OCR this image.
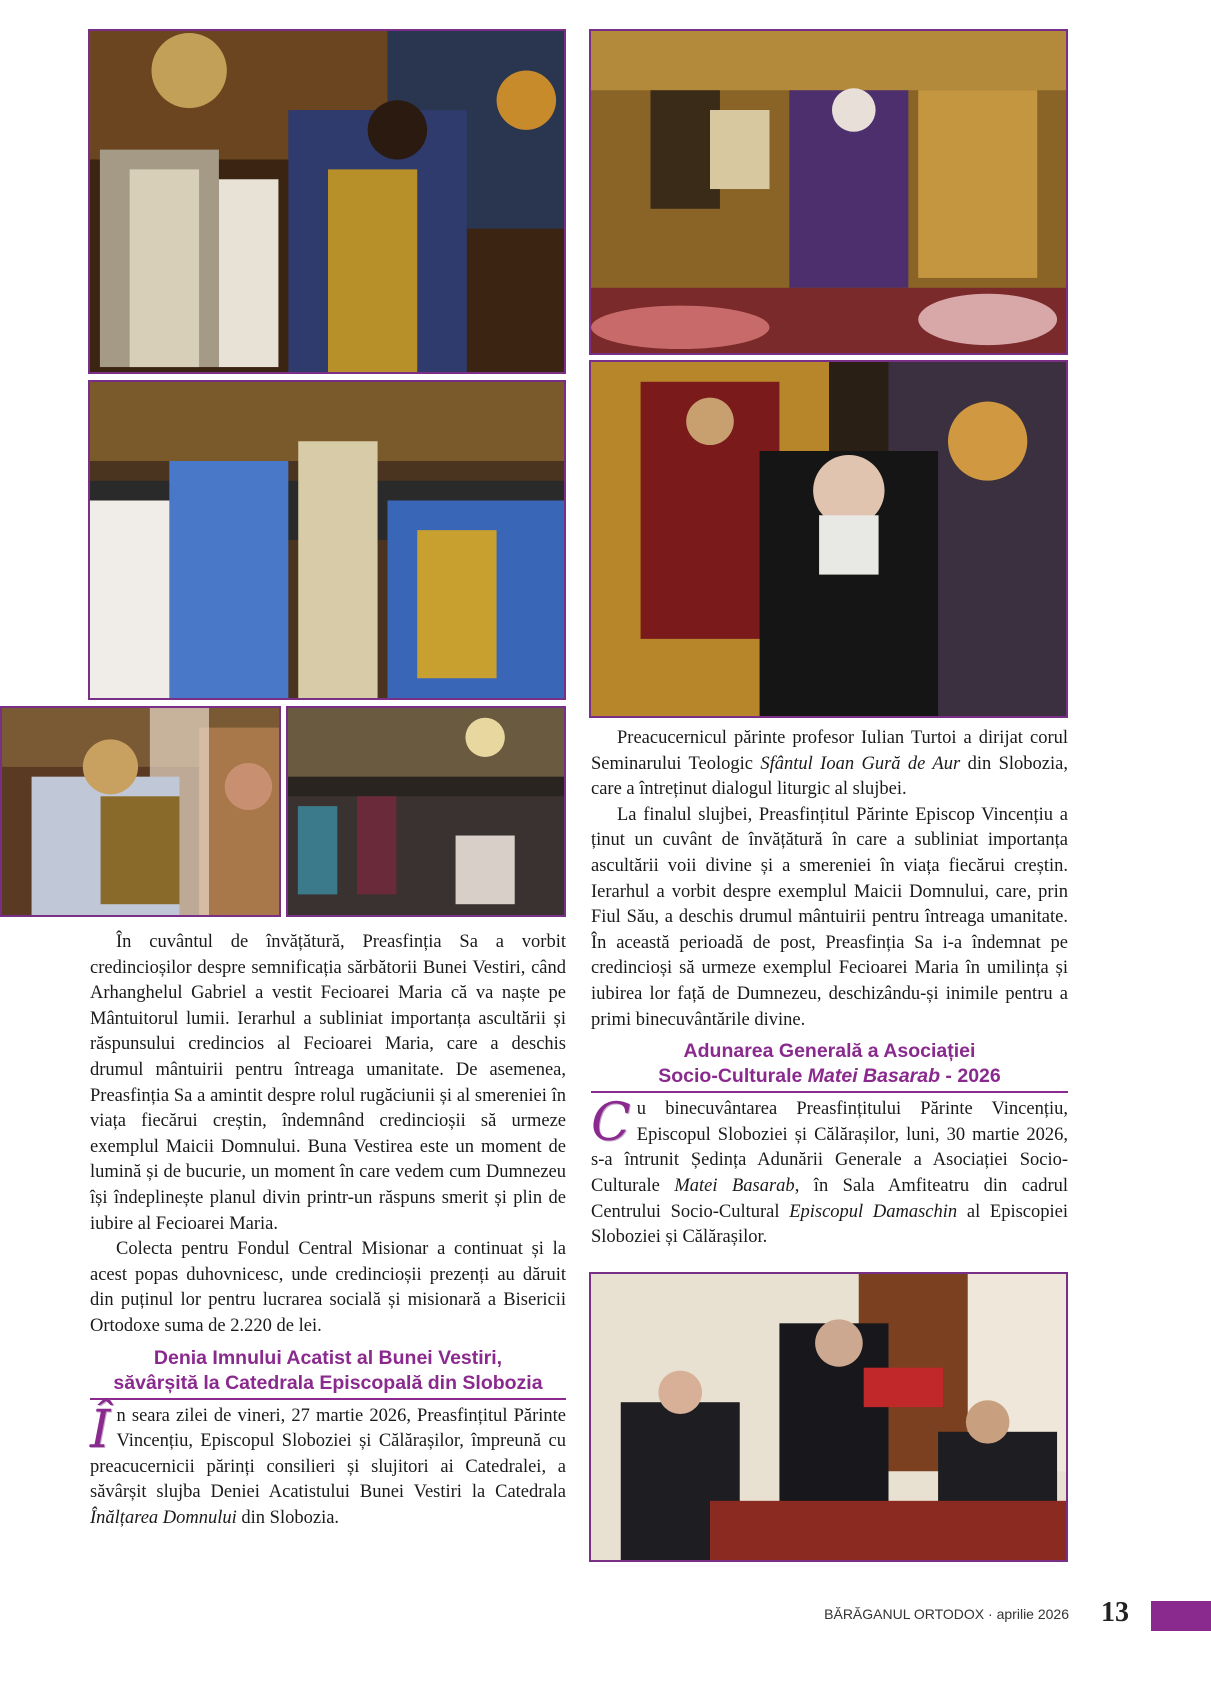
În cuvântul de învățătură, Preasfinția Sa a vorbit credincioșilor despre semnificația sărbătorii Bunei Vestiri, când Arhanghelul Gabriel a vestit Fecioarei Maria că va naște pe Mântuitorul lumii. Ierarhul a subliniat importanța ascultării și răspunsului credincios al Fecioarei Maria, care a deschis drumul mântuirii pentru întreaga umanitate. De asemenea, Preasfinția Sa a amintit despre rolul rugăciunii și al smereniei în viața fiecărui creștin, îndemnând credincioșii să urmeze exemplul Maicii Domnului. Buna Vestirea este un moment de lumină și de bucurie, un moment în care vedem cum Dumnezeu își îndeplinește planul divin printr-un răspuns smerit și plin de iubire al Fecioarei Maria.

Colecta pentru Fondul Central Misionar a continuat și la acest popas duhovnicesc, unde credincioșii prezenți au dăruit din puținul lor pentru lucrarea socială și misionară a Bisericii Ortodoxe suma de 2.220 de lei.

Denia Imnului Acatist al Bunei Vestiri,
săvârșită la Catedrala Episcopală din Slobozia

În seara zilei de vineri, 27 martie 2026, Preasfințitul Părinte Vincențiu, Episcopul Sloboziei și Călărașilor, împreună cu preacucernicii părinți consilieri și slujitori ai Catedralei, a săvârșit slujba Deniei Acatistului Bunei Vestiri la Catedrala Înălțarea Domnului din Slobozia.

Preacucernicul părinte profesor Iulian Turtoi a dirijat corul Seminarului Teologic Sfântul Ioan Gură de Aur din Slobozia, care a întreținut dialogul liturgic al slujbei.

La finalul slujbei, Preasfințitul Părinte Episcop Vincențiu a ținut un cuvânt de învățătură în care a subliniat importanța ascultării voii divine și a smereniei în viața fiecărui creștin. Ierarhul a vorbit despre exemplul Maicii Domnului, care, prin Fiul Său, a deschis drumul mântuirii pentru întreaga umanitate. În această perioadă de post, Preasfinția Sa i-a îndemnat pe credincioși să urmeze exemplul Fecioarei Maria în umilința și iubirea lor față de Dumnezeu, deschizându-și inimile pentru a primi binecuvântările divine.

Adunarea Generală a Asociației
Socio-Culturale Matei Basarab - 2026

Cu binecuvântarea Preasfințitului Părinte Vincențiu, Episcopul Sloboziei și Călărașilor, luni, 30 martie 2026, s-a întrunit Ședința Adunării Generale a Asociației Socio-Culturale Matei Basarab, în Sala Amfiteatru din cadrul Centrului Socio-Cultural Episcopul Damaschin al Episcopiei Sloboziei și Călărașilor.

BĂRĂGANUL ORTODOX · aprilie 2026 13
